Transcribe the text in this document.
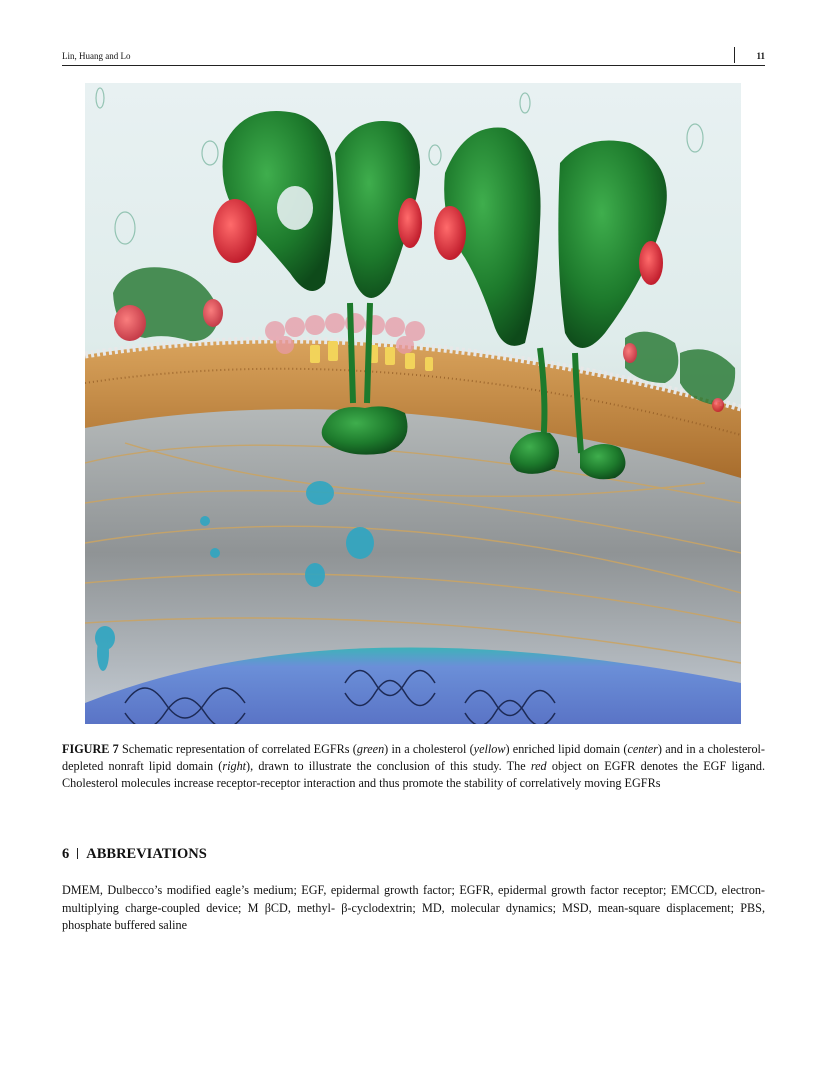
Lin, Huang and Lo	11
FIGURE 7 Schematic representation of correlated EGFRs (green) in a cholesterol (yellow) enriched lipid domain (center) and in a cholesterol-depleted nonraft lipid domain (right), drawn to illustrate the conclusion of this study. The red object on EGFR denotes the EGF ligand. Cholesterol molecules increase receptor-receptor interaction and thus promote the stability of correlatively moving EGFRs
6 ABBREVIATIONS
DMEM, Dulbecco’s modified eagle’s medium; EGF, epidermal growth factor; EGFR, epidermal growth factor receptor; EMCCD, electron-multiplying charge-coupled device; M βCD, methyl- β-cyclodextrin; MD, molecular dynamics; MSD, mean-square displacement; PBS, phosphate buffered saline
